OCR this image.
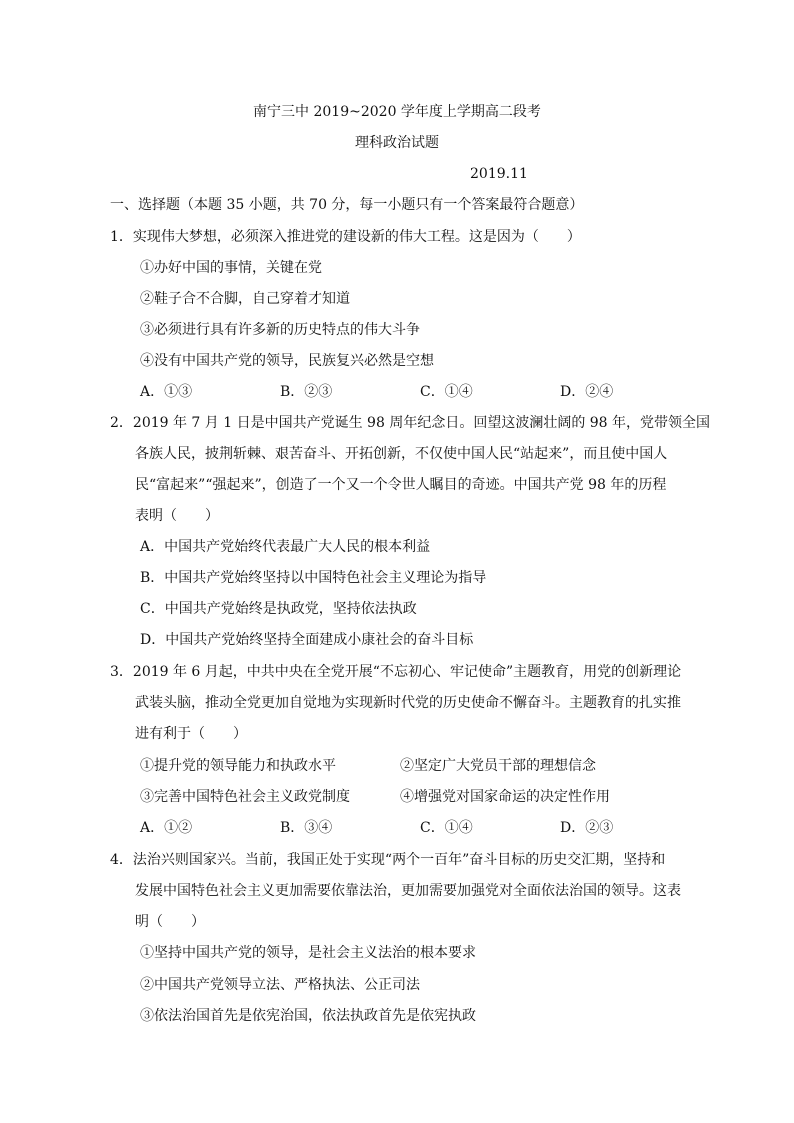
南宁三中 2019~2020 学年度上学期高二段考
理科政治试题
2019.11
一、选择题（本题 35 小题，共 70 分，每一小题只有一个答案最符合题意）
1．实现伟大梦想，必须深入推进党的建设新的伟大工程。这是因为（　　）
①办好中国的事情，关键在党
②鞋子合不合脚，自己穿着才知道
③必须进行具有许多新的历史特点的伟大斗争
④没有中国共产党的领导，民族复兴必然是空想
A．①③	B．②③	C．①④	D．②④
2．2019 年 7 月 1 日是中国共产党诞生 98 周年纪念日。回望这波澜壮阔的 98 年，党带领全国
各族人民，披荆斩棘、艰苦奋斗、开拓创新，不仅使中国人民“站起来”，而且使中国人
民“富起来”“强起来”，创造了一个又一个令世人瞩目的奇迹。中国共产党 98 年的历程
表明（　　）
A．中国共产党始终代表最广大人民的根本利益
B．中国共产党始终坚持以中国特色社会主义理论为指导
C．中国共产党始终是执政党，坚持依法执政
D．中国共产党始终坚持全面建成小康社会的奋斗目标
3．2019 年 6 月起，中共中央在全党开展“不忘初心、牢记使命”主题教育，用党的创新理论
武装头脑，推动全党更加自觉地为实现新时代党的历史使命不懈奋斗。主题教育的扎实推
进有利于（　　）
①提升党的领导能力和执政水平	②坚定广大党员干部的理想信念
③完善中国特色社会主义政党制度	④增强党对国家命运的决定性作用
A．①②	B．③④	C．①④	D．②③
4．法治兴则国家兴。当前，我国正处于实现“两个一百年”奋斗目标的历史交汇期，坚持和
发展中国特色社会主义更加需要依靠法治，更加需要加强党对全面依法治国的领导。这表
明（　　）
①坚持中国共产党的领导，是社会主义法治的根本要求
②中国共产党领导立法、严格执法、公正司法
③依法治国首先是依宪治国，依法执政首先是依宪执政
